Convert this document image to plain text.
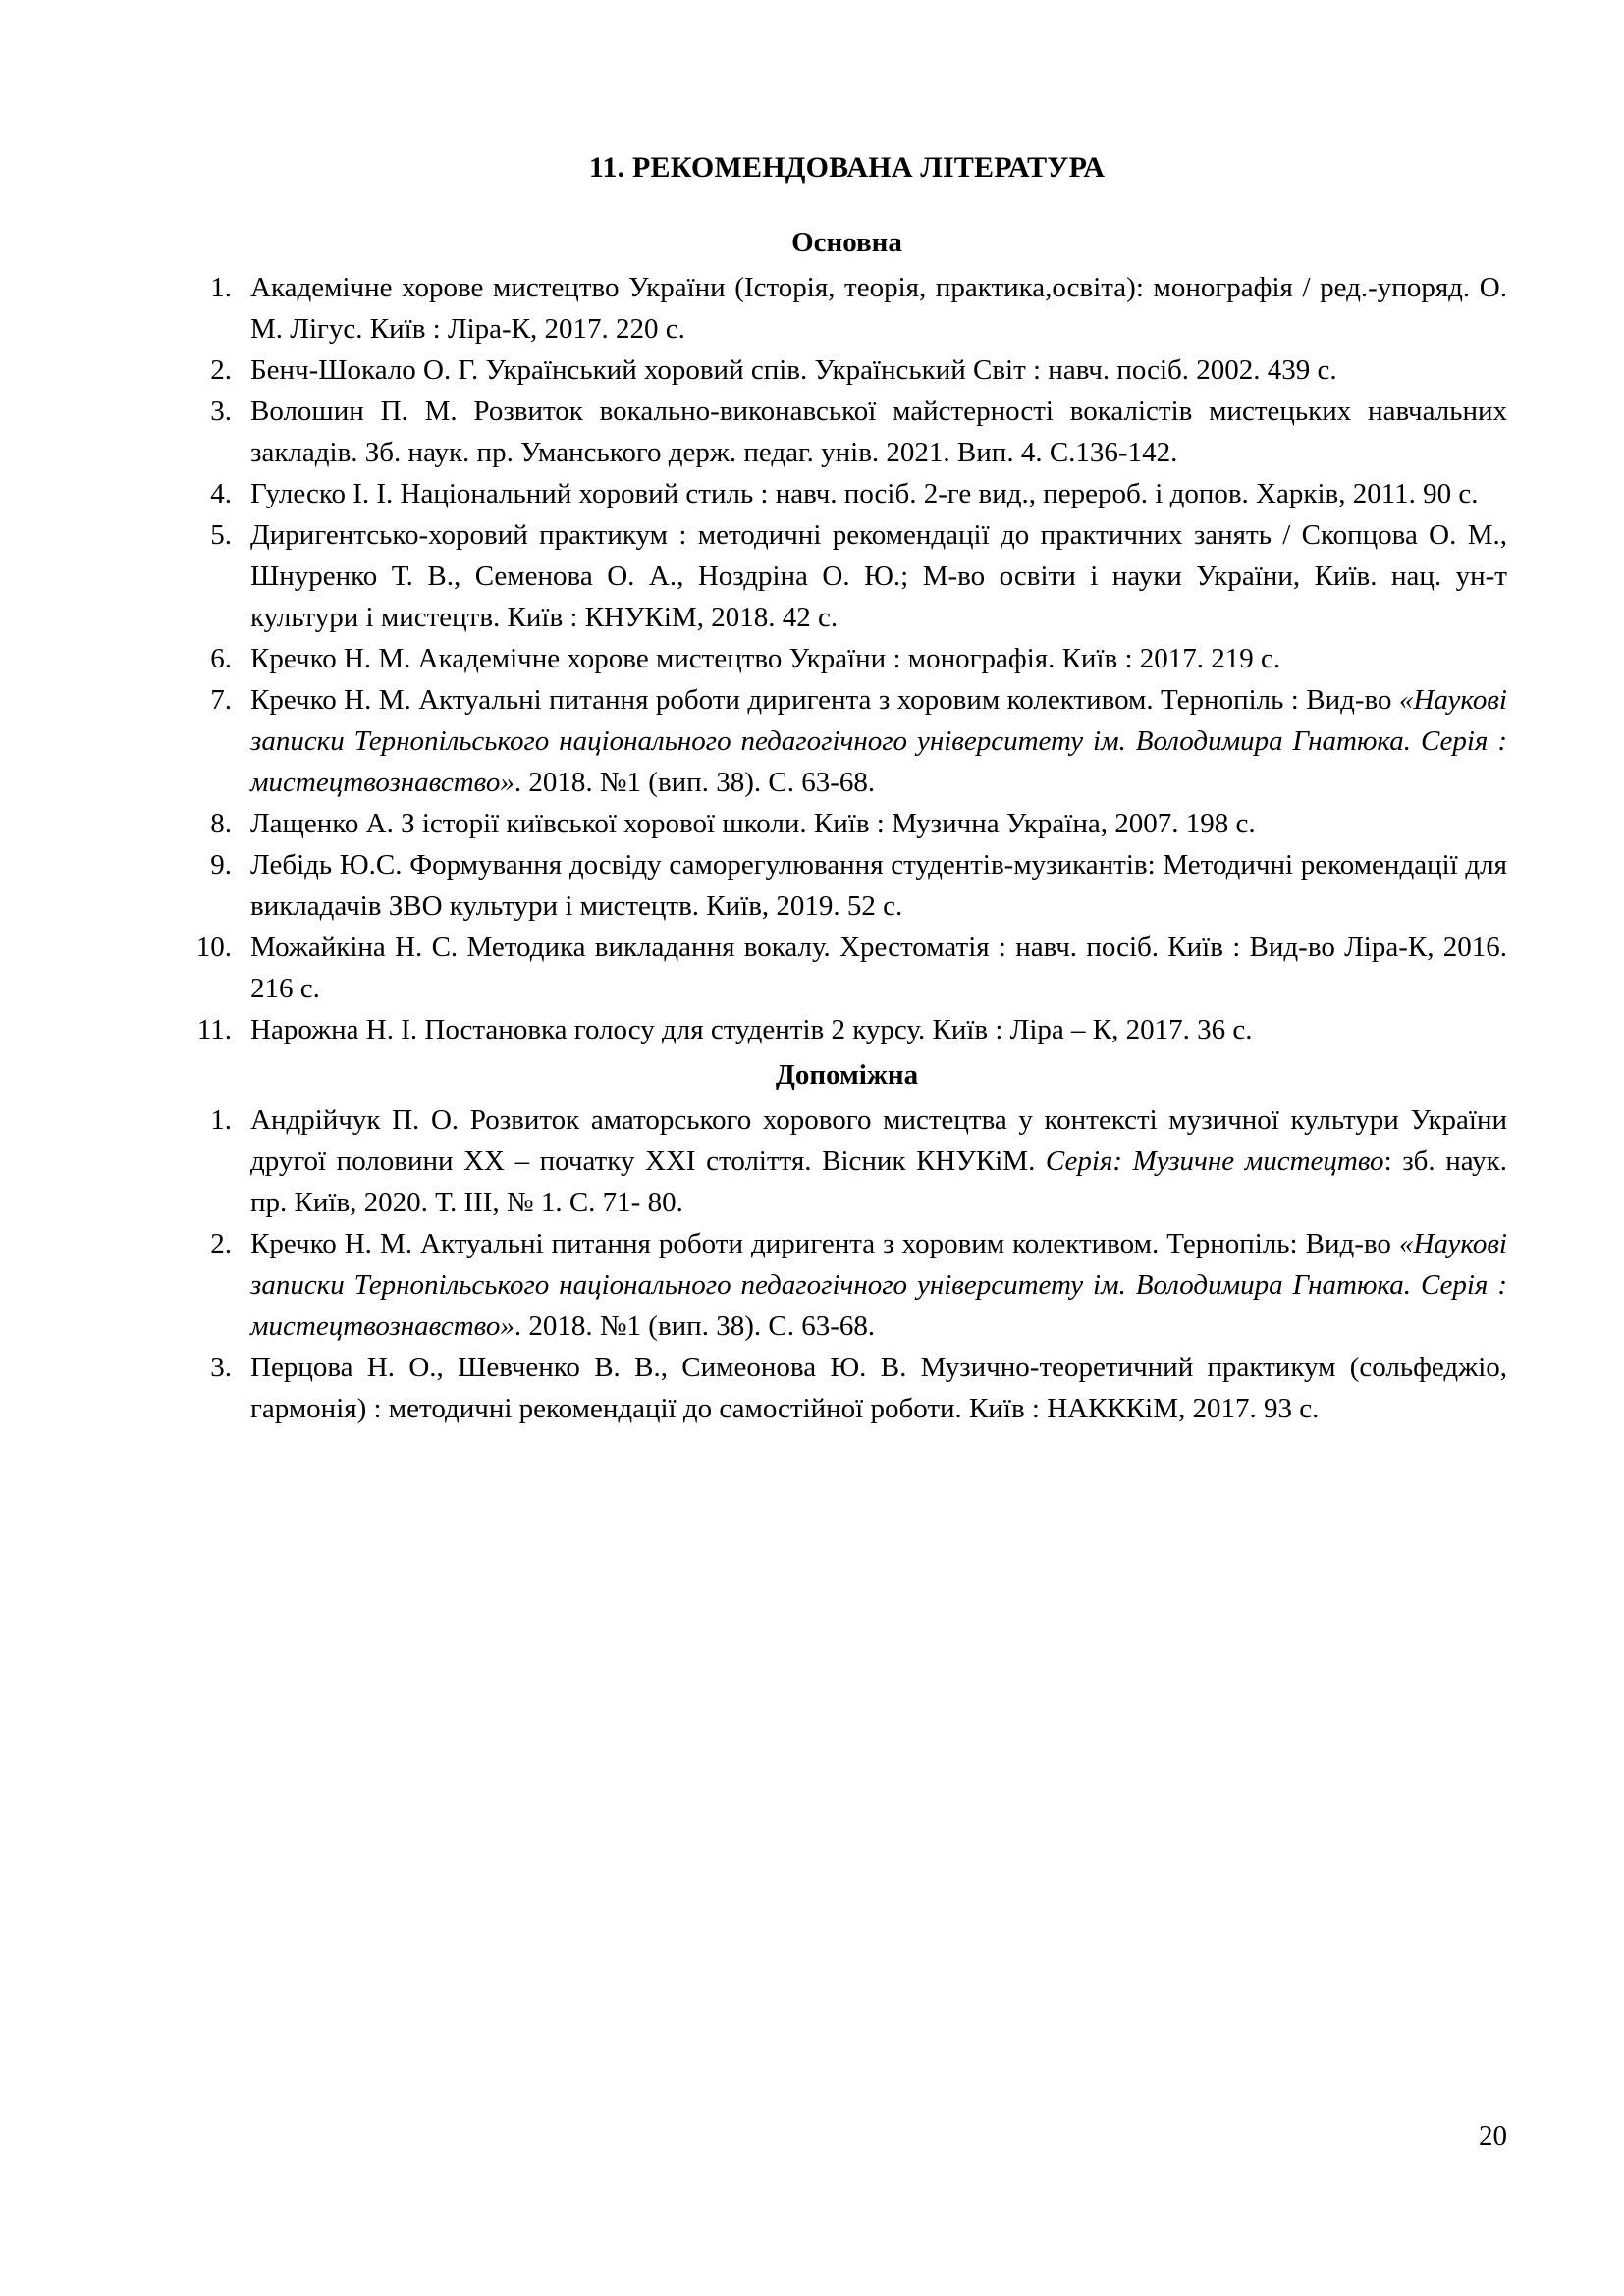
11. РЕКОМЕНДОВАНА ЛІТЕРАТУРА
Основна
Академічне хорове мистецтво України (Історія, теорія, практика,освіта): монографія / ред.-упоряд. О. М. Лігус. Київ : Ліра-К, 2017. 220 с.
Бенч-Шокало О. Г. Український хоровий спів. Український Світ : навч. посіб. 2002. 439 с.
Волошин П. М. Розвиток вокально-виконавської майстерності вокалістів мистецьких навчальних закладів. Зб. наук. пр. Уманського держ. педаг. унів. 2021. Вип. 4. С.136-142.
Гулеско І. І. Національний хоровий стиль : навч. посіб. 2-ге вид., перероб. і допов. Харків, 2011. 90 с.
Диригентсько-хоровий практикум : методичні рекомендації до практичних занять / Скопцова О. М., Шнуренко Т. В., Семенова О. А., Ноздріна О. Ю.; М-во освіти і науки України, Київ. нац. ун-т культури і мистецтв. Київ : КНУКіМ, 2018. 42 с.
Кречко Н. М. Академічне хорове мистецтво України : монографія. Київ : 2017. 219 с.
Кречко Н. М. Актуальні питання роботи диригента з хоровим колективом. Тернопіль : Вид-во «Наукові записки Тернопільського національного педагогічного університету ім. Володимира Гнатюка. Серія : мистецтвознавство». 2018. №1 (вип. 38). С. 63-68.
Лащенко А. З історії київської хорової школи. Київ : Музична Україна, 2007. 198 с.
Лебідь Ю.С. Формування досвіду саморегулювання студентів-музикантів: Методичні рекомендації для викладачів ЗВО культури і мистецтв. Київ, 2019. 52 с.
Можайкіна Н. С. Методика викладання вокалу. Хрестоматія : навч. посіб. Київ : Вид-во Ліра-К, 2016. 216 с.
Нарожна Н. І. Постановка голосу для студентів 2 курсу. Київ : Ліра – К, 2017. 36 с.
Допоміжна
Андрійчук П. О. Розвиток аматорського хорового мистецтва у контексті музичної культури України другої половини ХХ – початку ХХI століття. Вісник КНУКіМ. Серія: Музичне мистецтво: зб. наук. пр. Київ, 2020. Т. ІІІ, № 1. С. 71- 80.
Кречко Н. М. Актуальні питання роботи диригента з хоровим колективом. Тернопіль: Вид-во «Наукові записки Тернопільського національного педагогічного університету ім. Володимира Гнатюка. Серія : мистецтвознавство». 2018. №1 (вип. 38). С. 63-68.
Перцова Н. О., Шевченко В. В., Симеонова Ю. В. Музично-теоретичний практикум (сольфеджіо, гармонія) : методичні рекомендації до самостійної роботи. Київ : НАКККіМ, 2017. 93 с.
20
